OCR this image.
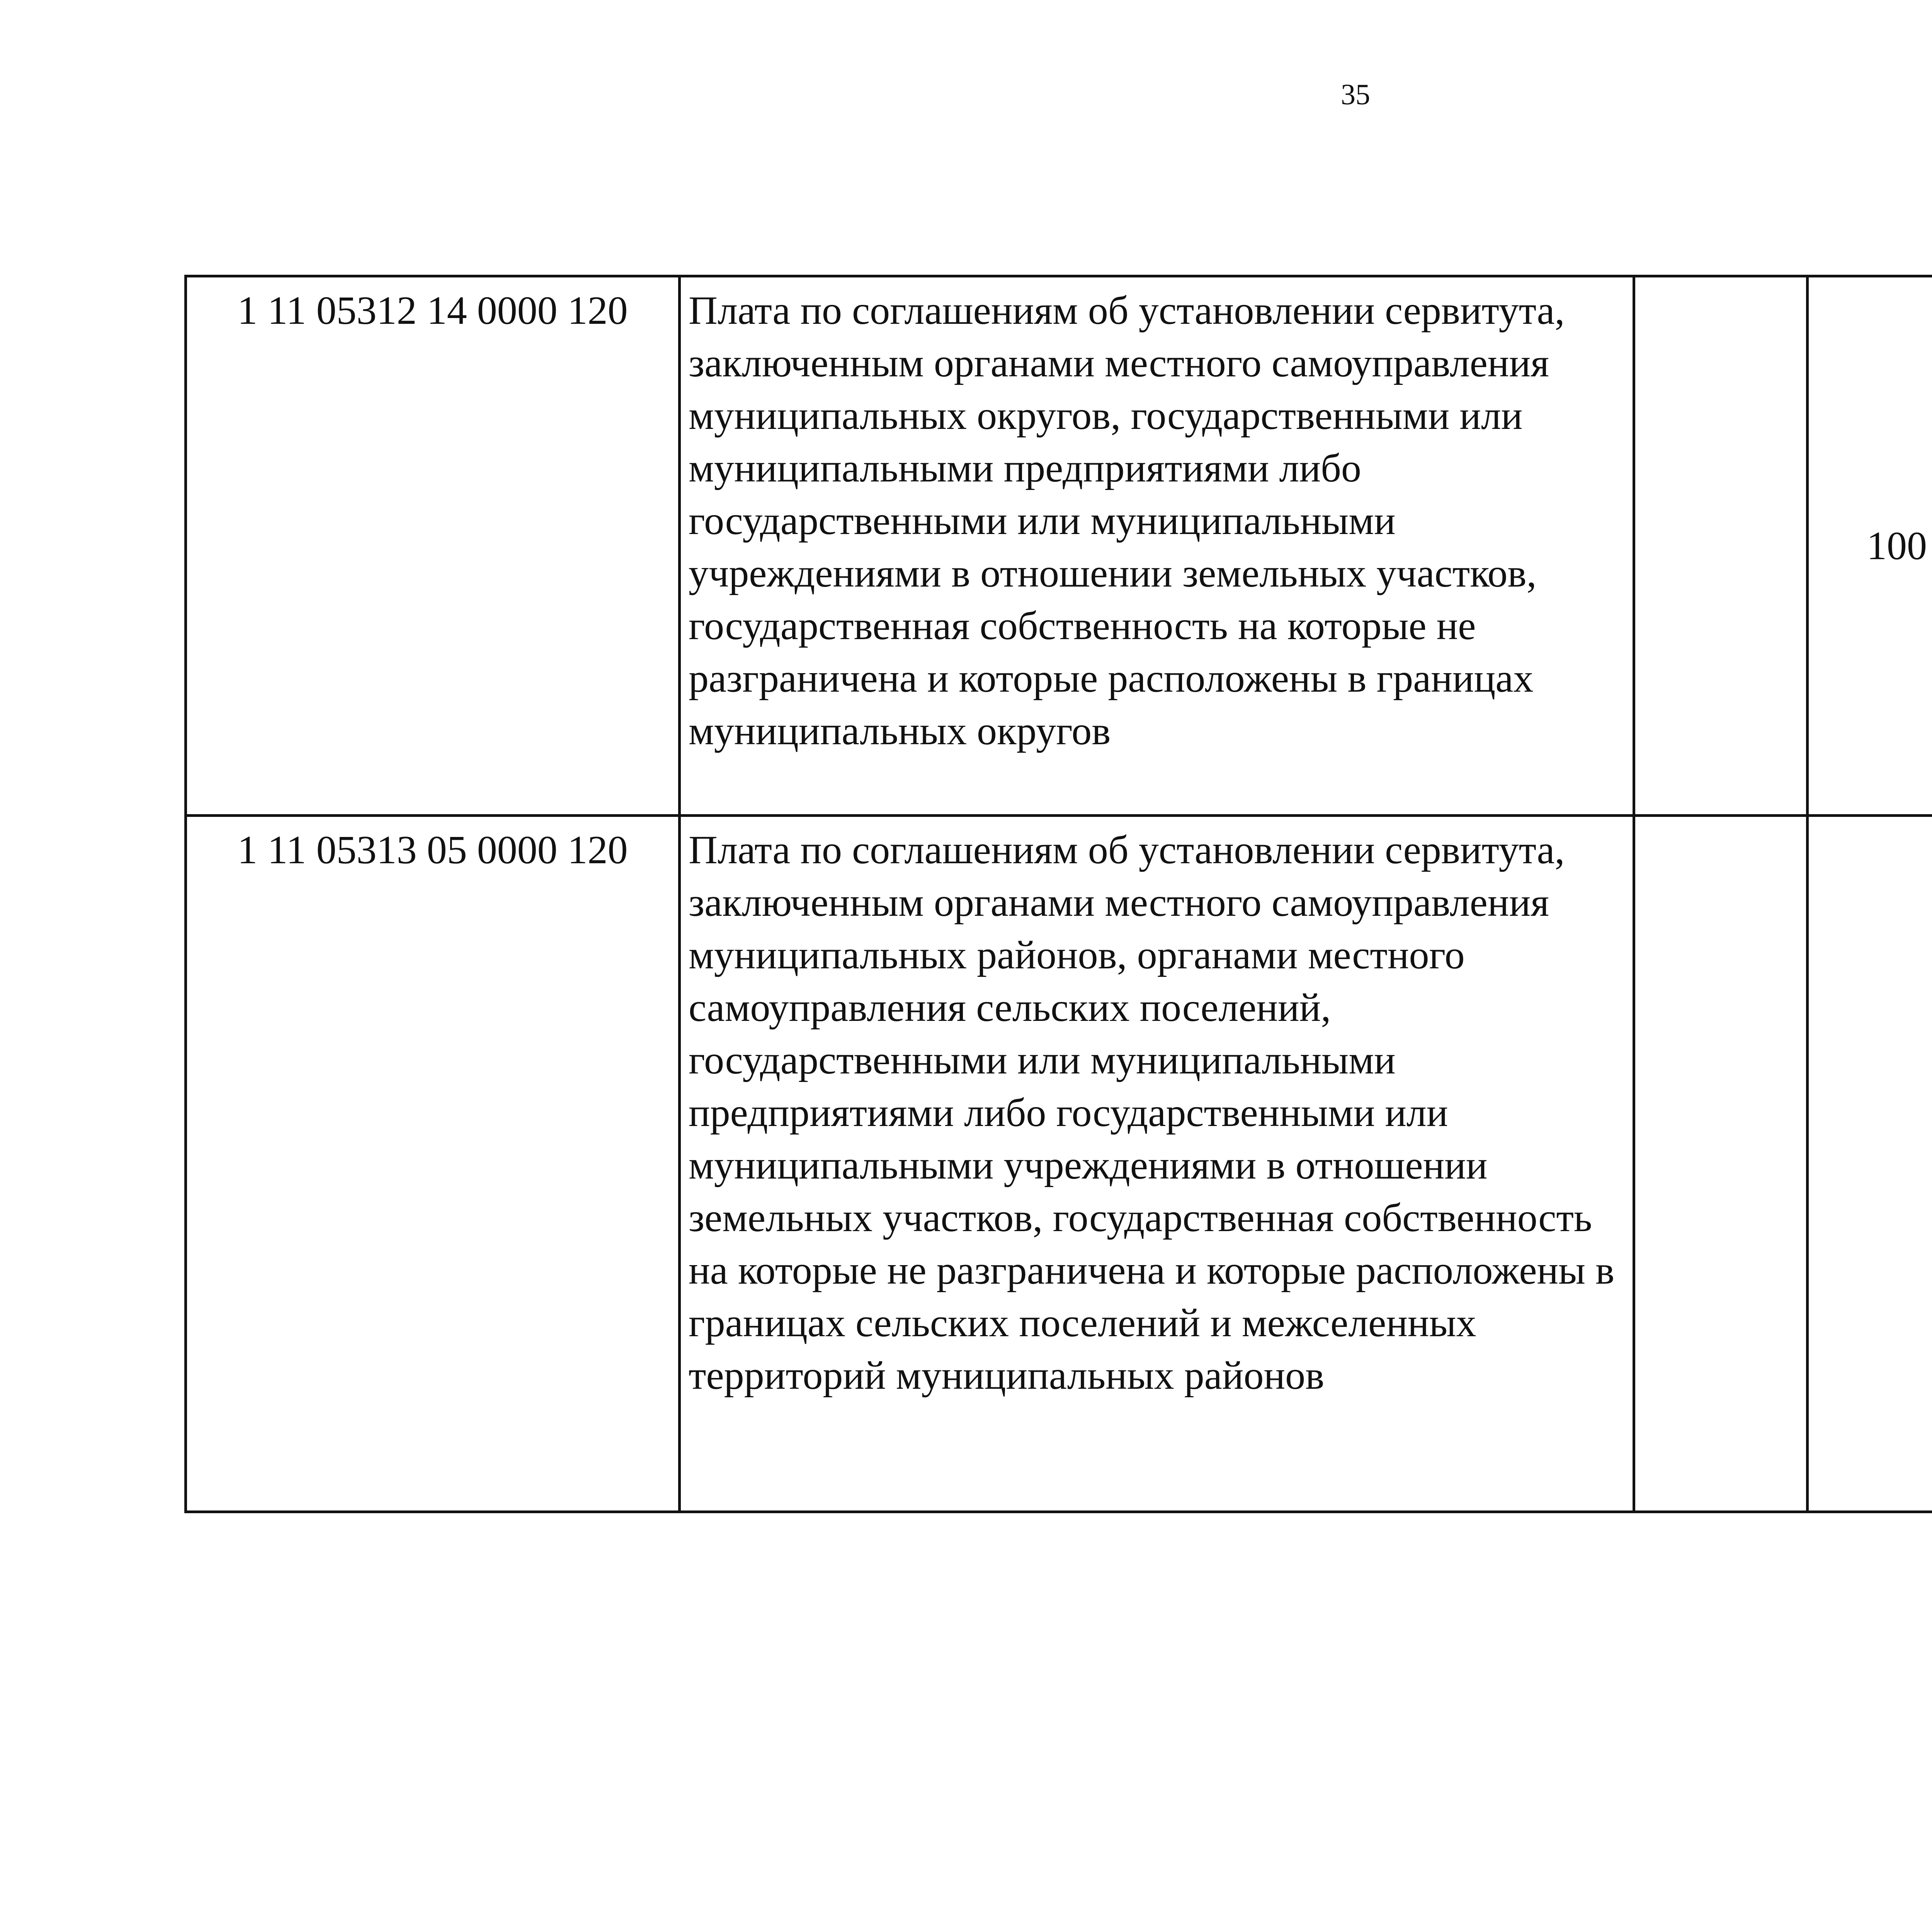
35
1 11 05312 14 0000 120	Плата по соглашениям об установлении сервитута, заключенным органами местного самоуправления муниципальных округов, государственными или муниципальными предприятиями либо государственными или муниципальными учреждениями в отношении земельных участков, государственная собственность на которые не разграничена и которые расположены в границах муниципальных округов		100			
1 11 05313 05 0000 120	Плата по соглашениям об установлении сервитута, заключенным органами местного самоуправления муниципальных районов, органами местного самоуправления сельских поселений, государственными или муниципальными предприятиями либо государственными или муниципальными учреждениями в отношении земельных участков, государственная собственность на которые не разграничена и которые расположены в границах сельских поселений и межселенных территорий муниципальных районов					
